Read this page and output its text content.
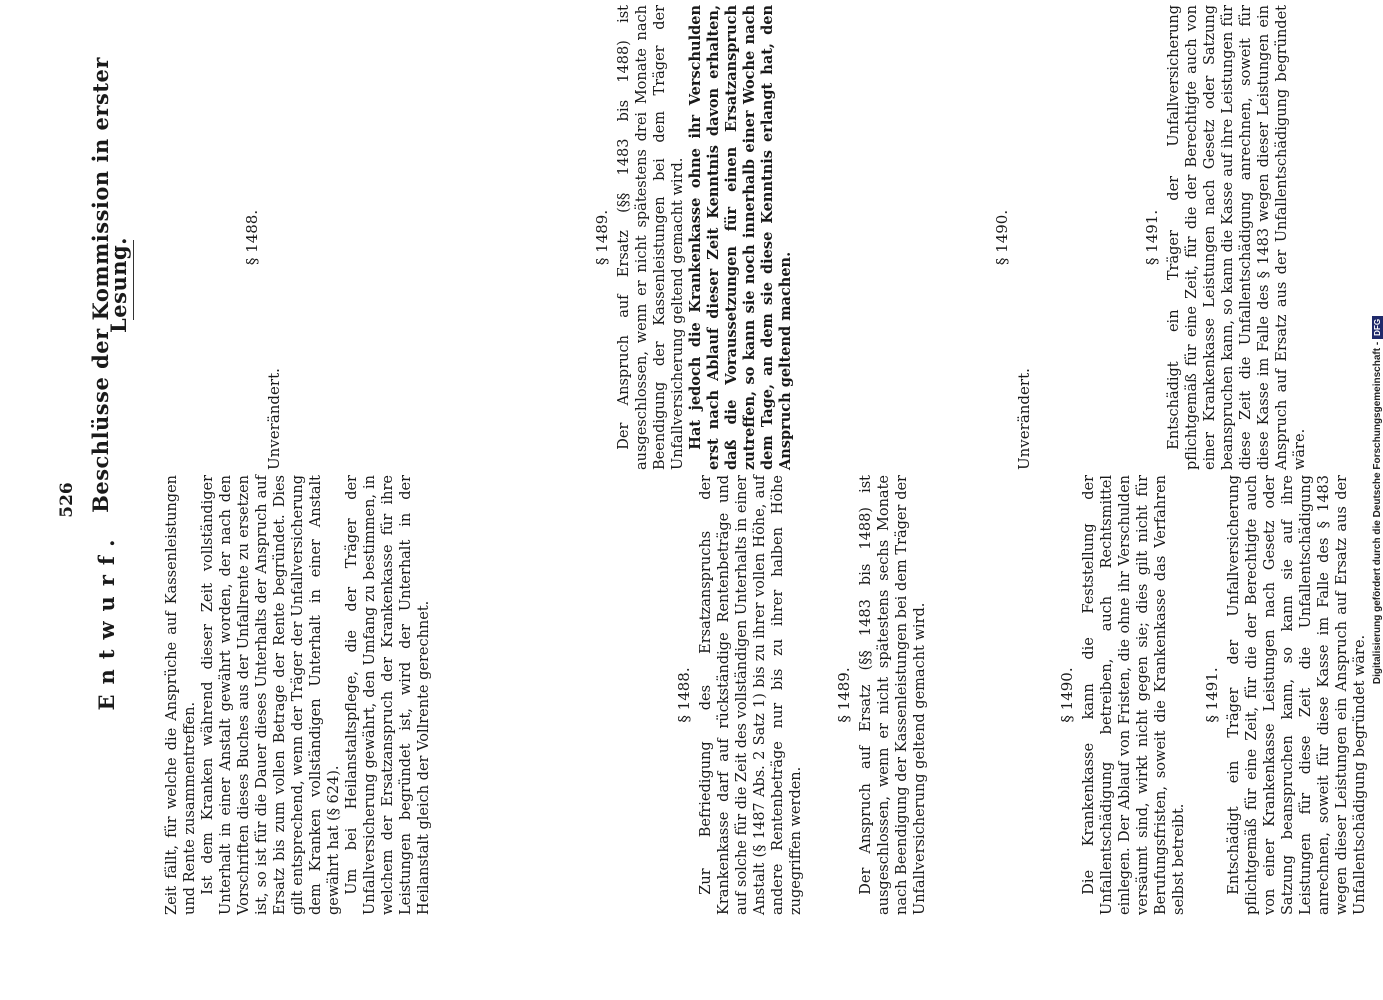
526
Entwurf.
Beschlüsse der Kommission in erster Lesung.

Zeit fällt, für welche die Ansprüche auf Kassenleistungen und Rente zusammentreffen. Ist dem Kranken während dieser Zeit vollständiger Unterhalt in einer Anstalt gewährt worden, der nach den Vorschriften dieses Buches aus der Unfallrente zu ersetzen ist, so ist für die Dauer dieses Unterhalts der Anspruch auf Ersatz bis zum vollen Betrage der Rente begründet. Dies gilt entsprechend, wenn der Träger der Unfallversicherung dem Kranken vollständigen Unterhalt in einer Anstalt gewährt hat (§ 624). Um bei Heilanstaltspflege, die der Träger der Unfallversicherung gewährt, den Umfang zu bestimmen, in welchem der Ersatzanspruch der Krankenkasse für ihre Leistungen begründet ist, wird der Unterhalt in der Heilanstalt gleich der Vollrente gerechnet.	§ 1488. Zur Befriedigung des Ersatzanspruchs der Krankenkasse darf auf rückständige Rentenbeträge und auf solche für die Zeit des vollständigen Unterhalts in einer Anstalt (§ 1487 Abs. 2 Satz 1) bis zu ihrer vollen Höhe, auf andere Rentenbeträge nur bis zu ihrer halben Höhe zugegriffen werden.

§ 1489. Der Anspruch auf Ersatz (§§ 1483 bis 1488) ist ausgeschlossen, wenn er nicht spätestens sechs Monate nach Beendigung der Kassenleistungen bei dem Träger der Unfallversicherung geltend gemacht wird.	§ 1490. Die Krankenkasse kann die Feststellung der Unfallentschädigung betreiben, auch Rechtsmittel einlegen. Der Ablauf von Fristen, die ohne ihr Verschulden versäumt sind, wirkt nicht gegen sie; dies gilt nicht für Berufungsfristen, soweit die Krankenkasse das Verfahren selbst betreibt.

§ 1491. Entschädigt ein Träger der Unfallversicherung pflichtgemäß für eine Zeit, für die der Berechtigte auch von einer Krankenkasse Leistungen nach Gesetz oder Satzung beanspruchen kann, so kann sie auf ihre Leistungen für diese Zeit die Unfallentschädigung anrechnen, soweit für diese Kasse im Falle des § 1483 wegen dieser Leistungen ein Anspruch auf Ersatz aus der Unfallentschädigung begründet wäre.

§ 1488.

Unverändert.

§ 1489. Der Anspruch auf Ersatz (§§ 1483 bis 1488) ist ausgeschlossen, wenn er nicht spätestens drei Monate nach Beendigung der Kassenleistungen bei dem Träger der Unfallversicherung geltend gemacht wird. Hat jedoch die Krankenkasse ohne ihr Verschulden erst nach Ablauf dieser Zeit Kenntnis davon erhalten, daß die Voraussetzungen für einen Ersatzanspruch zutreffen, so kann sie noch innerhalb einer Woche nach dem Tage, an dem sie diese Kenntnis erlangt hat, den Anspruch geltend machen.

§ 1490.

Unverändert.

§ 1491. Entschädigt ein Träger der Unfallversicherung pflichtgemäß für eine Zeit, für die der Berechtigte auch von einer Krankenkasse Leistungen nach Gesetz oder Satzung beanspruchen kann, so kann die Kasse auf ihre Leistungen für diese Zeit die Unfallentschädigung anrechnen, soweit für diese Kasse im Falle des § 1483 wegen dieser Leistungen ein Anspruch auf Ersatz aus der Unfallentschädigung begründet wäre.	Digitalisierung gefördert durch die Deutsche Forschungsgemeinschaft -DFG
